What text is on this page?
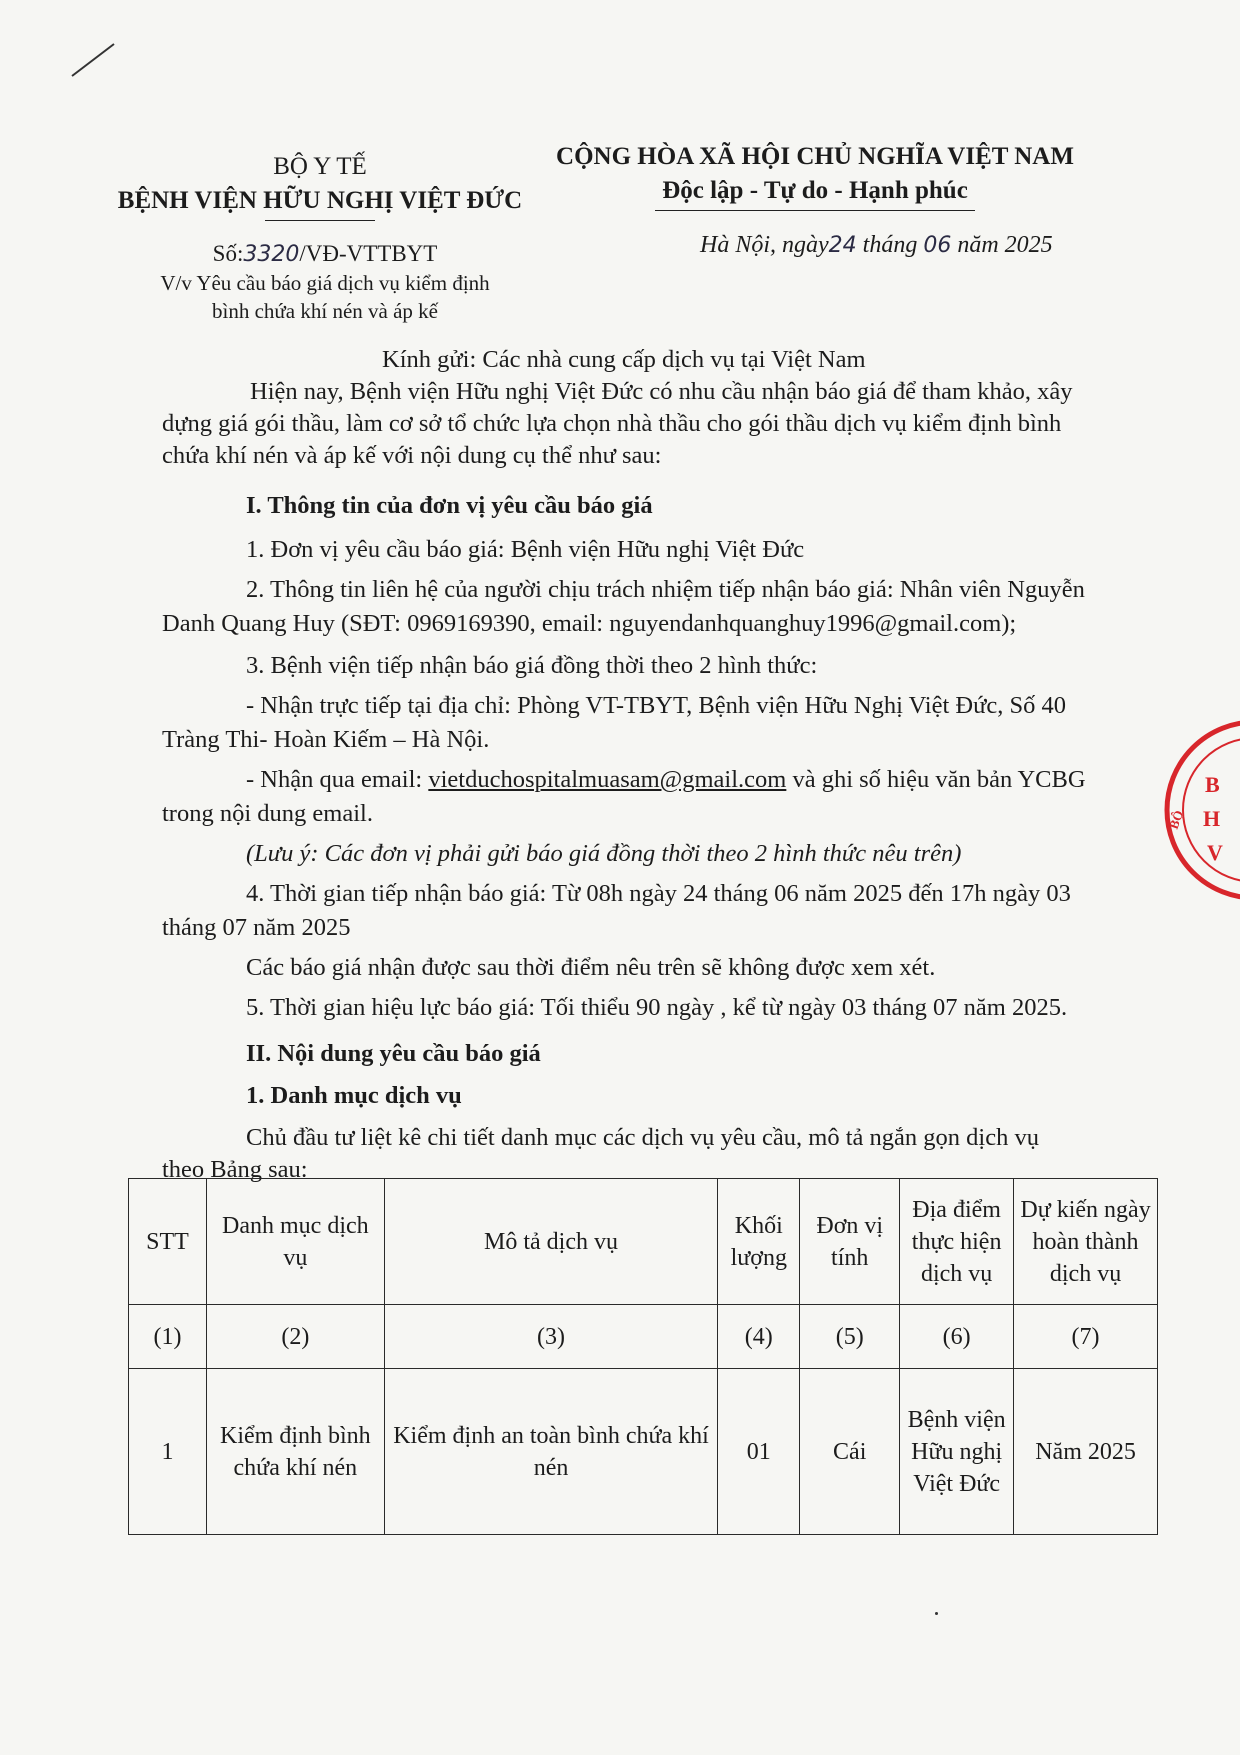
BỘ Y TẾ
BỆNH VIỆN HỮU NGHỊ VIỆT ĐỨC
CỘNG HÒA XÃ HỘI CHỦ NGHĨA VIỆT NAM
Độc lập - Tự do - Hạnh phúc
Số:3320/VĐ-VTTBYT
V/v Yêu cầu báo giá dịch vụ kiểm định
bình chứa khí nén và áp kế
Hà Nội, ngày24 tháng 06 năm 2025
Kính gửi: Các nhà cung cấp dịch vụ tại Việt Nam
Hiện nay, Bệnh viện Hữu nghị Việt Đức có nhu cầu nhận báo giá để tham khảo, xây
dựng giá gói thầu, làm cơ sở tổ chức lựa chọn nhà thầu cho gói thầu dịch vụ kiểm định bình
chứa khí nén và áp kế với nội dung cụ thể như sau:
I. Thông tin của đơn vị yêu cầu báo giá
1. Đơn vị yêu cầu báo giá: Bệnh viện Hữu nghị Việt Đức
2. Thông tin liên hệ của người chịu trách nhiệm tiếp nhận báo giá: Nhân viên Nguyễn
Danh Quang Huy (SĐT: 0969169390, email: nguyendanhquanghuy1996@gmail.com);
3. Bệnh viện tiếp nhận báo giá đồng thời theo 2 hình thức:
- Nhận trực tiếp tại địa chỉ: Phòng VT-TBYT, Bệnh viện Hữu Nghị Việt Đức, Số 40
Tràng Thi- Hoàn Kiếm – Hà Nội.
- Nhận qua email: vietduchospitalmuasam@gmail.com và ghi số hiệu văn bản YCBG
trong nội dung email.
(Lưu ý: Các đơn vị phải gửi báo giá đồng thời theo 2 hình thức nêu trên)
4. Thời gian tiếp nhận báo giá: Từ 08h ngày 24 tháng 06 năm 2025 đến 17h ngày 03
tháng 07 năm 2025
Các báo giá nhận được sau thời điểm nêu trên sẽ không được xem xét.
5. Thời gian hiệu lực báo giá: Tối thiểu 90 ngày , kể từ ngày 03 tháng 07 năm 2025.
II. Nội dung yêu cầu báo giá
1. Danh mục dịch vụ
Chủ đầu tư liệt kê chi tiết danh mục các dịch vụ yêu cầu, mô tả ngắn gọn dịch vụ
theo Bảng sau:
B
H
V
BỘ
STT	Danh mục dịch vụ	Mô tả dịch vụ	Khối lượng	Đơn vị tính	Địa điểm thực hiện dịch vụ	Dự kiến ngày hoàn thành dịch vụ
(1)	(2)	(3)	(4)	(5)	(6)	(7)
1	Kiểm định bình chứa khí nén	Kiểm định an toàn bình chứa khí nén	01	Cái	Bệnh viện Hữu nghị Việt Đức	Năm 2025
